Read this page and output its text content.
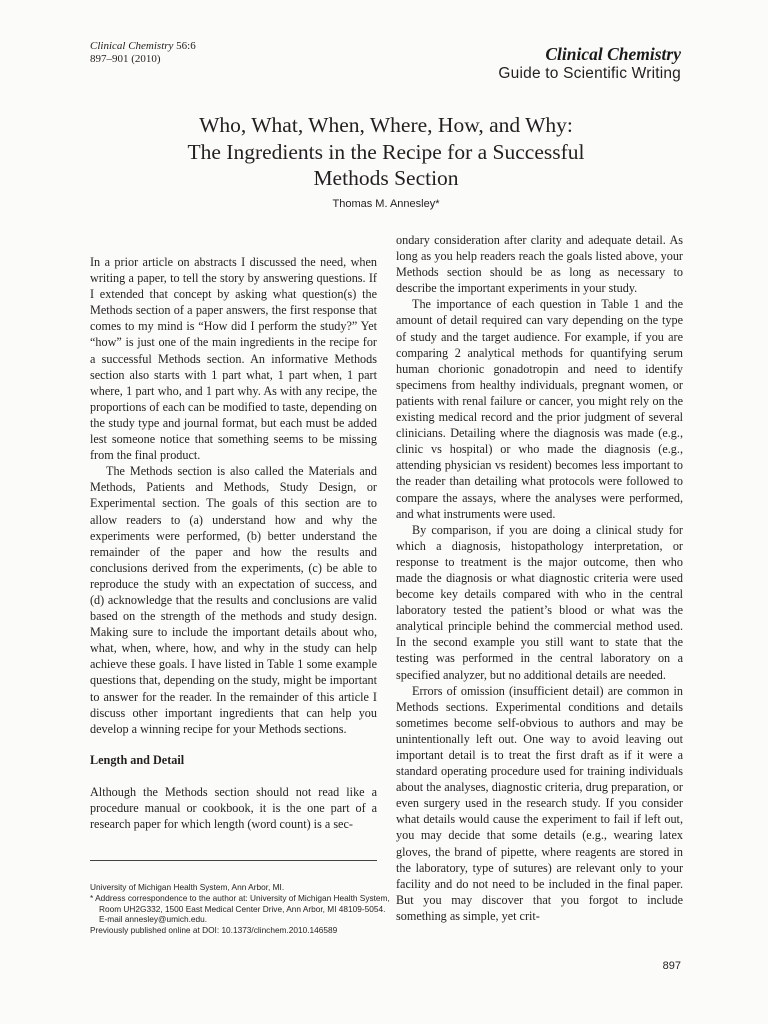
Clinical Chemistry 56:6
897–901 (2010)	Clinical Chemistry
Guide to Scientific Writing
Who, What, When, Where, How, and Why:
The Ingredients in the Recipe for a Successful
Methods Section
Thomas M. Annesley*

In a prior article on abstracts I discussed the need, when writing a paper, to tell the story by answering questions. If I extended that concept by asking what question(s) the Methods section of a paper answers, the first response that comes to my mind is “How did I perform the study?” Yet “how” is just one of the main ingredients in the recipe for a successful Methods section. An informative Methods section also starts with 1 part what, 1 part when, 1 part where, 1 part who, and 1 part why. As with any recipe, the proportions of each can be modified to taste, depending on the study type and journal format, but each must be added lest someone notice that something seems to be missing from the final product.

The Methods section is also called the Materials and Methods, Patients and Methods, Study Design, or Experimental section. The goals of this section are to allow readers to (a) understand how and why the experiments were performed, (b) better understand the remainder of the paper and how the results and conclusions derived from the experiments, (c) be able to reproduce the study with an expectation of success, and (d) acknowledge that the results and conclusions are valid based on the strength of the methods and study design. Making sure to include the important details about who, what, when, where, how, and why in the study can help achieve these goals. I have listed in Table 1 some example questions that, depending on the study, might be important to answer for the reader. In the remainder of this article I discuss other important ingredients that can help you develop a winning recipe for your Methods sections.

Length and Detail

Although the Methods section should not read like a procedure manual or cookbook, it is the one part of a research paper for which length (word count) is a sec-

University of Michigan Health System, Ann Arbor, MI.
* Address correspondence to the author at: University of Michigan Health System,
Room UH2G332, 1500 East Medical Center Drive, Ann Arbor, MI 48109-5054.
E-mail annesley@umich.edu.
Previously published online at DOI: 10.1373/clinchem.2010.146589

ondary consideration after clarity and adequate detail. As long as you help readers reach the goals listed above, your Methods section should be as long as necessary to describe the important experiments in your study.

The importance of each question in Table 1 and the amount of detail required can vary depending on the type of study and the target audience. For example, if you are comparing 2 analytical methods for quantifying serum human chorionic gonadotropin and need to identify specimens from healthy individuals, pregnant women, or patients with renal failure or cancer, you might rely on the existing medical record and the prior judgment of several clinicians. Detailing where the diagnosis was made (e.g., clinic vs hospital) or who made the diagnosis (e.g., attending physician vs resident) becomes less important to the reader than detailing what protocols were followed to compare the assays, where the analyses were performed, and what instruments were used.

By comparison, if you are doing a clinical study for which a diagnosis, histopathology interpretation, or response to treatment is the major outcome, then who made the diagnosis or what diagnostic criteria were used become key details compared with who in the central laboratory tested the patient’s blood or what was the analytical principle behind the commercial method used. In the second example you still want to state that the testing was performed in the central laboratory on a specified analyzer, but no additional details are needed.

Errors of omission (insufficient detail) are common in Methods sections. Experimental conditions and details sometimes become self-obvious to authors and may be unintentionally left out. One way to avoid leaving out important detail is to treat the first draft as if it were a standard operating procedure used for training individuals about the analyses, diagnostic criteria, drug preparation, or even surgery used in the research study. If you consider what details would cause the experiment to fail if left out, you may decide that some details (e.g., wearing latex gloves, the brand of pipette, where reagents are stored in the laboratory, type of sutures) are relevant only to your facility and do not need to be included in the final paper. But you may discover that you forgot to include something as simple, yet crit-

897
